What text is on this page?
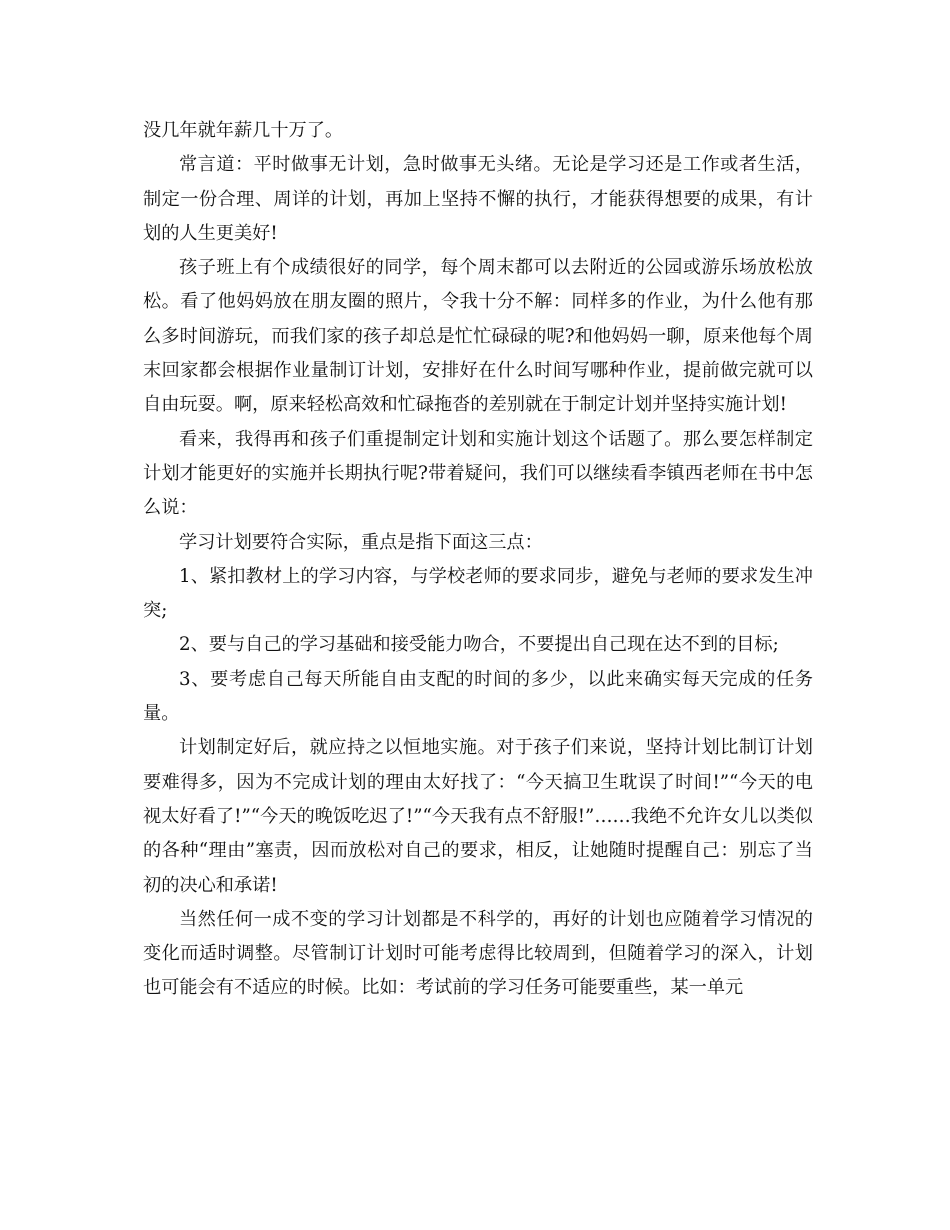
没几年就年薪几十万了。

常言道：平时做事无计划，急时做事无头绪。无论是学习还是工作或者生活，制定一份合理、周详的计划，再加上坚持不懈的执行，才能获得想要的成果，有计划的人生更美好!

孩子班上有个成绩很好的同学，每个周末都可以去附近的公园或游乐场放松放松。看了他妈妈放在朋友圈的照片，令我十分不解：同样多的作业，为什么他有那么多时间游玩，而我们家的孩子却总是忙忙碌碌的呢?和他妈妈一聊，原来他每个周末回家都会根据作业量制订计划，安排好在什么时间写哪种作业，提前做完就可以自由玩耍。啊，原来轻松高效和忙碌拖沓的差别就在于制定计划并坚持实施计划!

看来，我得再和孩子们重提制定计划和实施计划这个话题了。那么要怎样制定计划才能更好的实施并长期执行呢?带着疑问，我们可以继续看李镇西老师在书中怎么说：

学习计划要符合实际，重点是指下面这三点：

1、紧扣教材上的学习内容，与学校老师的要求同步，避免与老师的要求发生冲突;

2、要与自己的学习基础和接受能力吻合，不要提出自己现在达不到的目标;

3、要考虑自己每天所能自由支配的时间的多少，以此来确实每天完成的任务量。

计划制定好后，就应持之以恒地实施。对于孩子们来说，坚持计划比制订计划要难得多，因为不完成计划的理由太好找了：“今天搞卫生耽误了时间!”“今天的电视太好看了!”“今天的晚饭吃迟了!”“今天我有点不舒服!”……我绝不允许女儿以类似的各种“理由”塞责，因而放松对自己的要求，相反，让她随时提醒自己：别忘了当初的决心和承诺!

当然任何一成不变的学习计划都是不科学的，再好的计划也应随着学习情况的变化而适时调整。尽管制订计划时可能考虑得比较周到，但随着学习的深入，计划也可能会有不适应的时候。比如：考试前的学习任务可能要重些，某一单元
